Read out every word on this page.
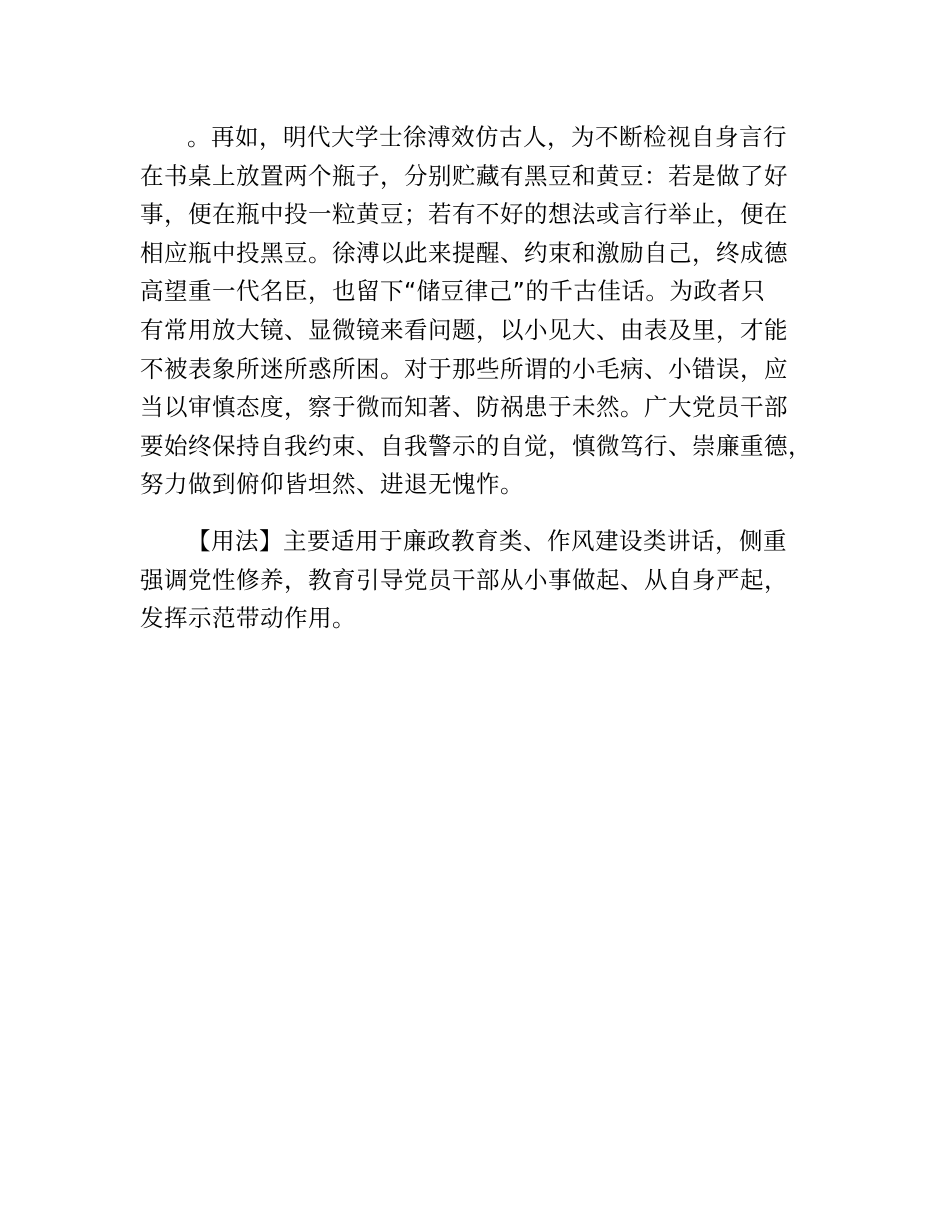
。再如，明代大学士徐溥效仿古人，为不断检视自身言行
在书桌上放置两个瓶子，分别贮藏有黑豆和黄豆：若是做了好
事，便在瓶中投一粒黄豆；若有不好的想法或言行举止，便在
相应瓶中投黑豆。徐溥以此来提醒、约束和激励自己，终成德
高望重一代名臣，也留下“储豆律己”的千古佳话。为政者只
有常用放大镜、显微镜来看问题，以小见大、由表及里，才能
不被表象所迷所惑所困。对于那些所谓的小毛病、小错误，应
当以审慎态度，察于微而知著、防祸患于未然。广大党员干部
要始终保持自我约束、自我警示的自觉，慎微笃行、崇廉重德，
努力做到俯仰皆坦然、进退无愧怍。
【用法】主要适用于廉政教育类、作风建设类讲话，侧重
强调党性修养，教育引导党员干部从小事做起、从自身严起，
发挥示范带动作用。
